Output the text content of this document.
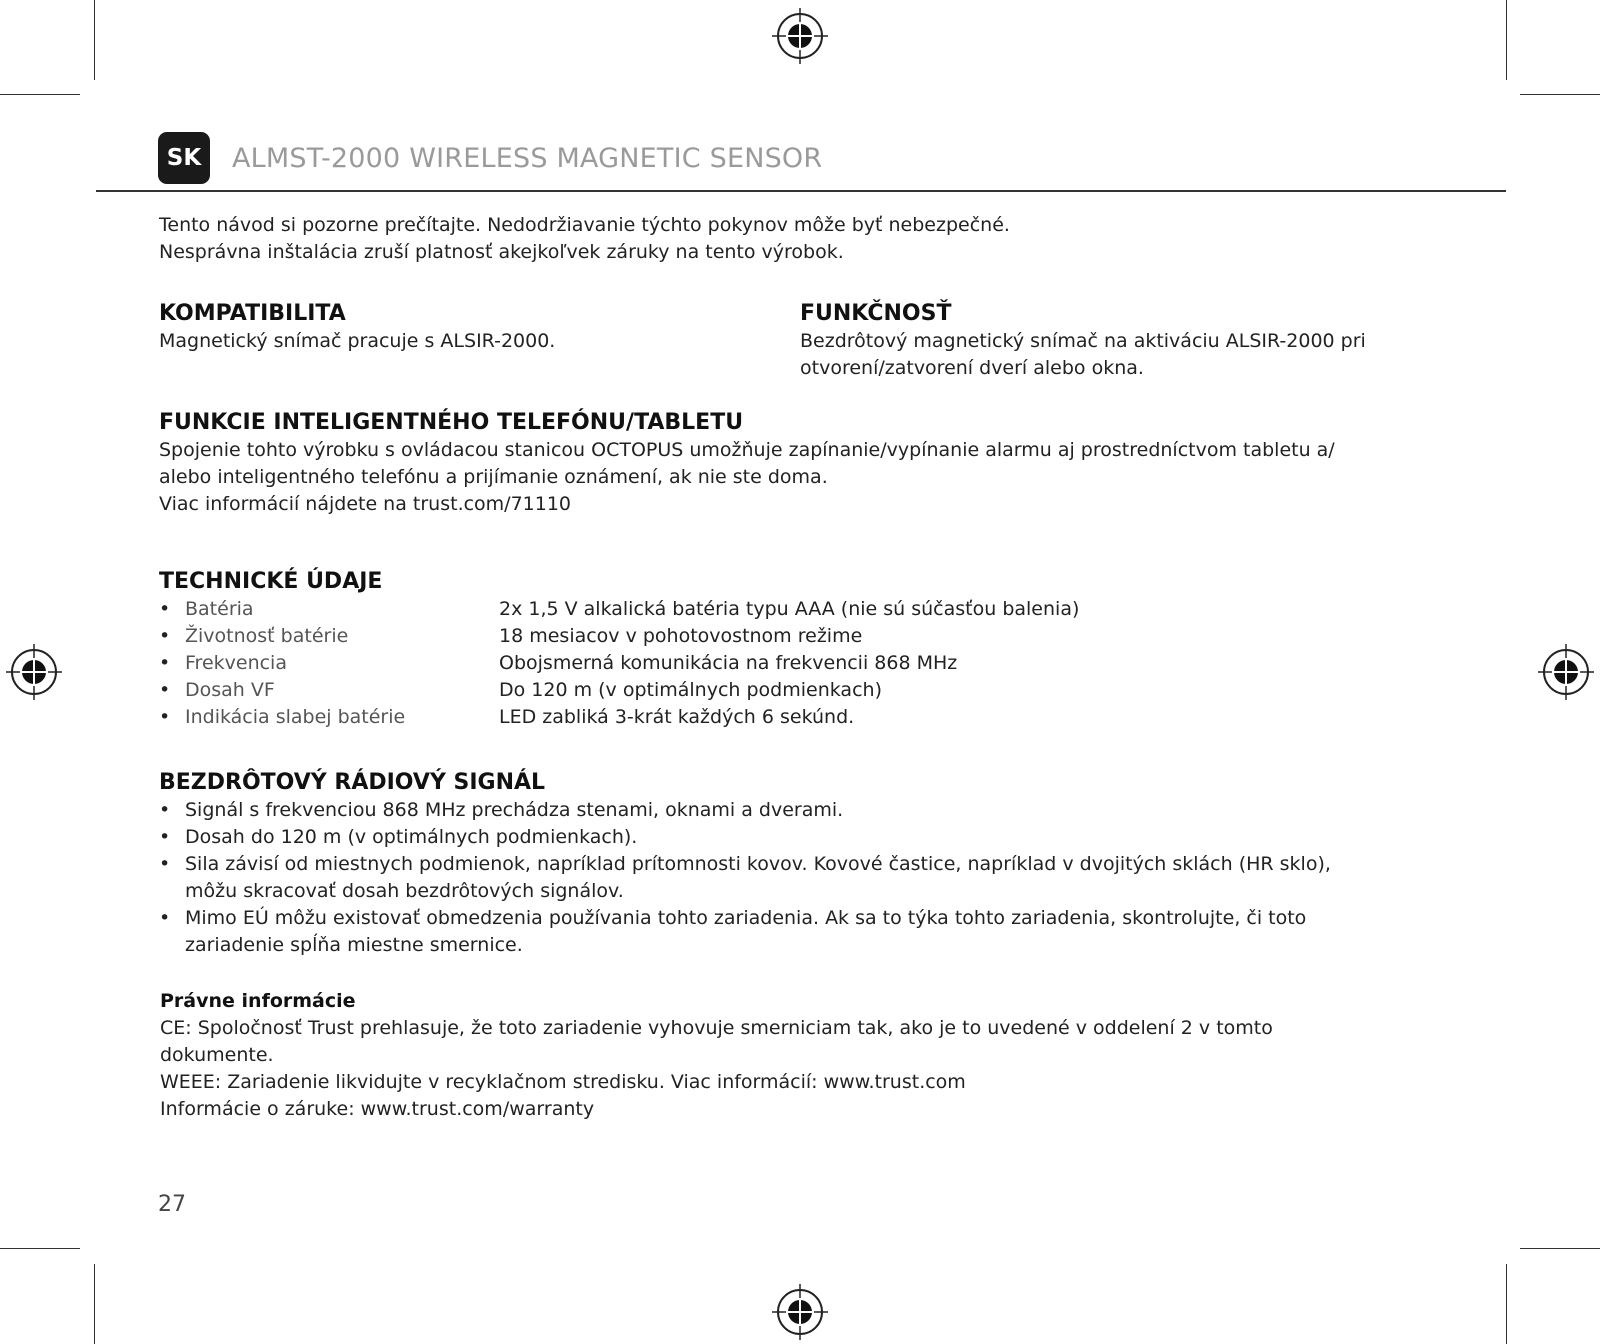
SK	ALMST-2000 WIRELESS MAGNETIC SENSOR

Tento návod si pozorne prečítajte. Nedodržiavanie týchto pokynov môže byť nebezpečné.

Nesprávna inštalácia zruší platnosť akejkoľvek záruky na tento výrobok.

KOMPATIBILITA

Magnetický snímač pracuje s ALSIR-2000.

FUNKČNOSŤ

Bezdrôtový magnetický snímač na aktiváciu ALSIR-2000 pri

otvorení/zatvorení dverí alebo okna.

FUNKCIE INTELIGENTNÉHO TELEFÓNU/TABLETU

Spojenie tohto výrobku s ovládacou stanicou OCTOPUS umožňuje zapínanie/vypínanie alarmu aj prostredníctvom tabletu a/

alebo inteligentného telefónu a prijímanie oznámení, ak nie ste doma.

Viac informácií nájdete na trust.com/71110

TECHNICKÉ ÚDAJE
• Batéria	2x 1,5 V alkalická batéria typu AAA (nie sú súčasťou balenia)
• Životnosť batérie	18 mesiacov v pohotovostnom režime
• Frekvencia	Obojsmerná komunikácia na frekvencii 868 MHz
• Dosah VF	Do 120 m (v optimálnych podmienkach)
• Indikácia slabej batérie	LED zabliká 3-krát každých 6 sekúnd.
BEZDRÔTOVÝ RÁDIOVÝ SIGNÁL
• Signál s frekvenciou 868 MHz prechádza stenami, oknami a dverami.

• Dosah do 120 m (v optimálnych podmienkach).

• Sila závisí od miestnych podmienok, napríklad prítomnosti kovov. Kovové častice, napríklad v dvojitých sklách (HR sklo),

môžu skracovať dosah bezdrôtových signálov.

• Mimo EÚ môžu existovať obmedzenia používania tohto zariadenia. Ak sa to týka tohto zariadenia, skontrolujte, či toto

zariadenie spĺňa miestne smernice.

Právne informácie

CE: Spoločnosť Trust prehlasuje, že toto zariadenie vyhovuje smerniciam tak, ako je to uvedené v oddelení 2 v tomto

dokumente.

WEEE: Zariadenie likvidujte v recyklačnom stredisku. Viac informácií: www.trust.com

Informácie o záruke: www.trust.com/warranty

27
